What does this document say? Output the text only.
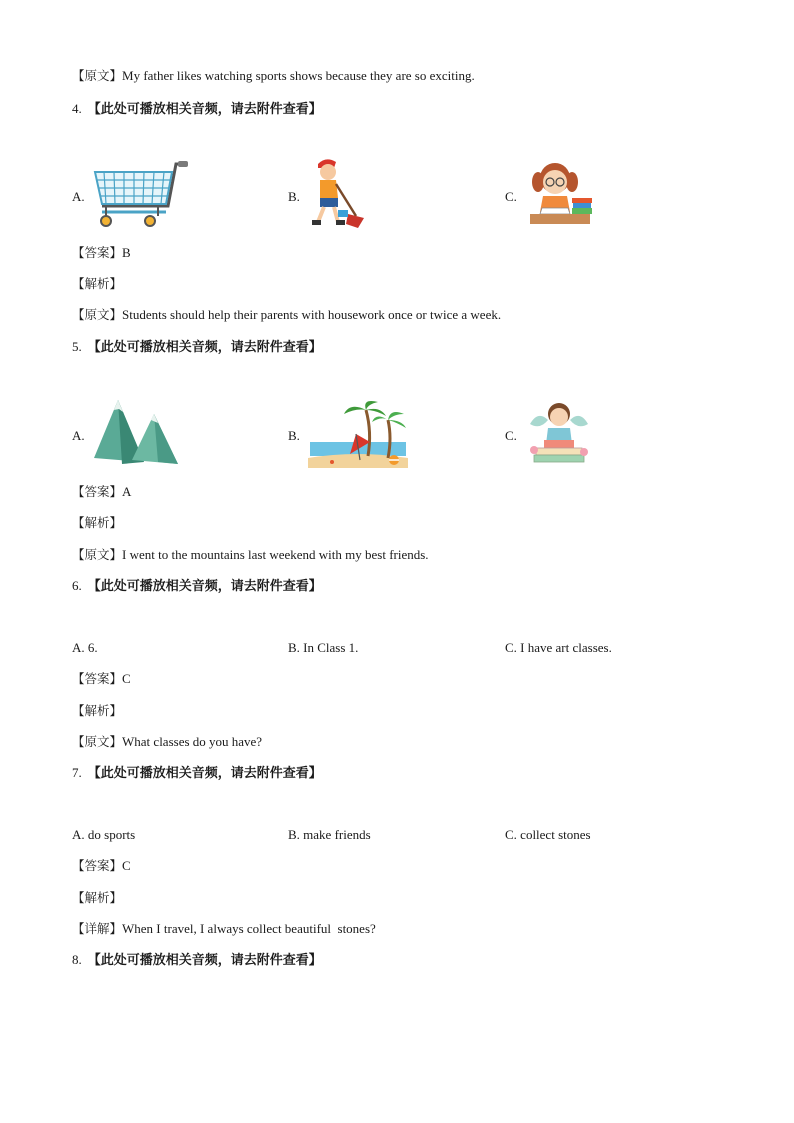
【原文】My father likes watching sports shows because they are so exciting.
4. 【此处可播放相关音频，请去附件查看】
A.	B.	C.
【答案】B
【解析】
【原文】Students should help their parents with housework once or twice a week.
5. 【此处可播放相关音频，请去附件查看】
A.	B.	C.
【答案】A
【解析】
【原文】I went to the mountains last weekend with my best friends.
6. 【此处可播放相关音频，请去附件查看】
A. 6.	B. In Class 1.	C. I have art classes.
【答案】C
【解析】
【原文】What classes do you have?
7. 【此处可播放相关音频，请去附件查看】
A. do sports	B. make friends	C. collect stones
【答案】C
【解析】
【详解】When I travel, I always collect beautiful  stones?
8. 【此处可播放相关音频，请去附件查看】
